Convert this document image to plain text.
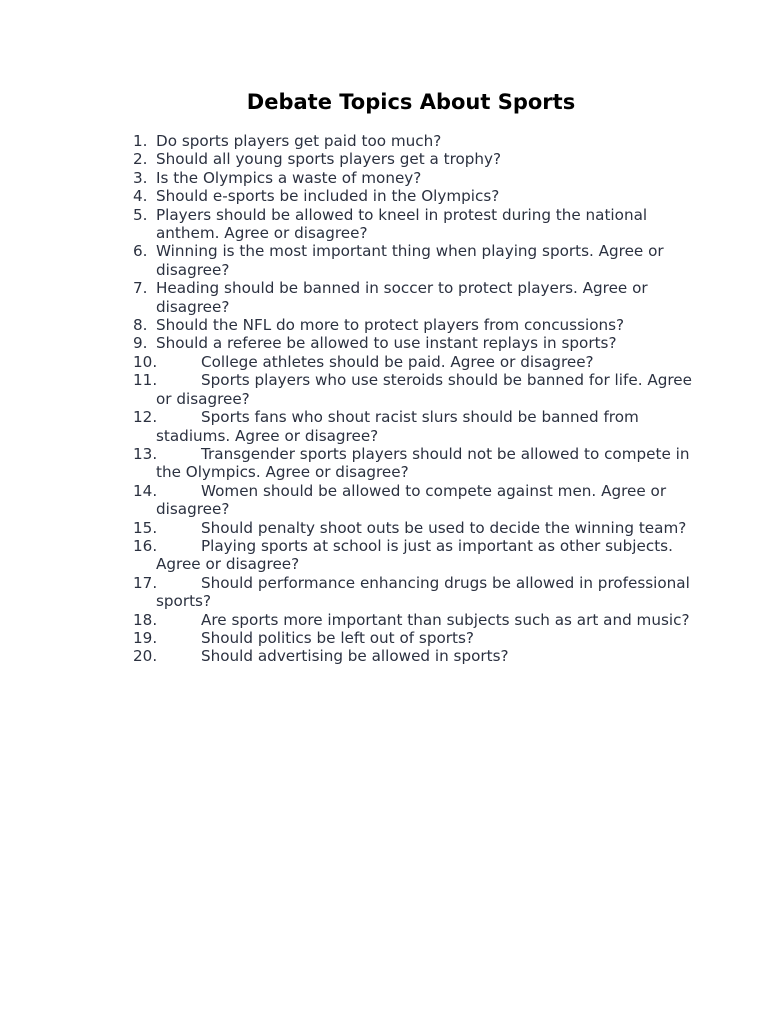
Debate Topics About Sports
1. Do sports players get paid too much?
2. Should all young sports players get a trophy?
3. Is the Olympics a waste of money?
4. Should e-sports be included in the Olympics?
5. Players should be allowed to kneel in protest during the national anthem. Agree or disagree?
6. Winning is the most important thing when playing sports. Agree or disagree?
7. Heading should be banned in soccer to protect players. Agree or disagree?
8. Should the NFL do more to protect players from concussions?
9. Should a referee be allowed to use instant replays in sports?
10.	College athletes should be paid. Agree or disagree?
11.	Sports players who use steroids should be banned for life. Agree or disagree?
12.	Sports fans who shout racist slurs should be banned from stadiums. Agree or disagree?
13.	Transgender sports players should not be allowed to compete in the Olympics. Agree or disagree?
14.	Women should be allowed to compete against men. Agree or disagree?
15.	Should penalty shoot outs be used to decide the winning team?
16.	Playing sports at school is just as important as other subjects. Agree or disagree?
17.	Should performance enhancing drugs be allowed in professional sports?
18.	Are sports more important than subjects such as art and music?
19.	Should politics be left out of sports?
20.	Should advertising be allowed in sports?
